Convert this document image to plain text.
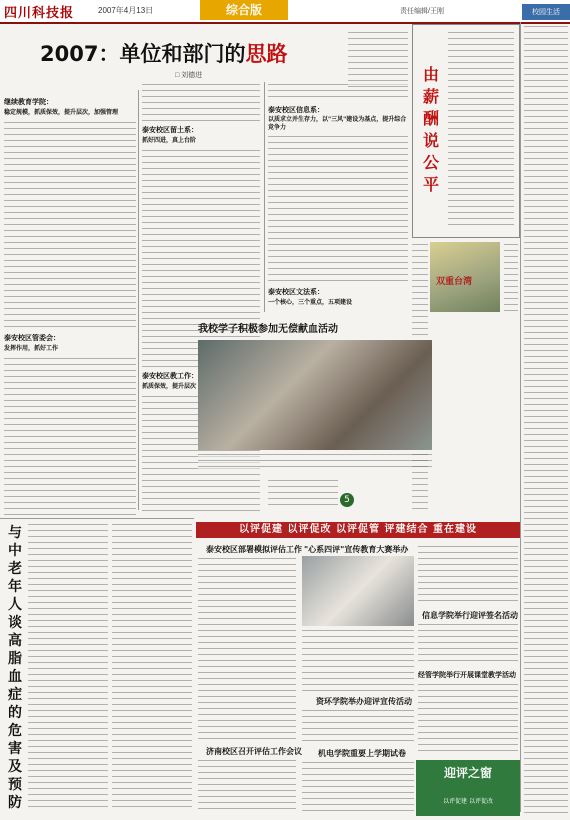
四川科技报	2007年4月13日	综合版	责任编辑/王刚	校园生活
2007：单位和部门的思路
□ 刘德进
继续教育学院：
稳定规模，抓质保效，提升层次，加强管理
泰安校区管委会：
发挥作用，抓好工作
泰安校区留土系：
抓好四进，真上台阶
泰安校区教工作：
抓质保效，提升层次
泰安校区信息系：
以质求立并生存力，以"三风"建设为基点，提升综合竞争力
泰安校区文法系：
一个核心，三个重点，五项建设
由薪酬说公平
双重台湾
我校学子积极参加无偿献血活动
5
与中老年人谈高脂血症的危害及预防
以评促建 以评促改 以评促管 评建结合 重在建设
泰安校区部署模拟评估工作
济南校区召开评估工作会议
"心系四评"宣传教育大赛举办
资环学院举办迎评宣传活动
机电学院重要上学期试卷
信息学院举行迎评签名活动
经管学院举行开展课堂教学活动
迎评之窗
以评促建 以评促改
